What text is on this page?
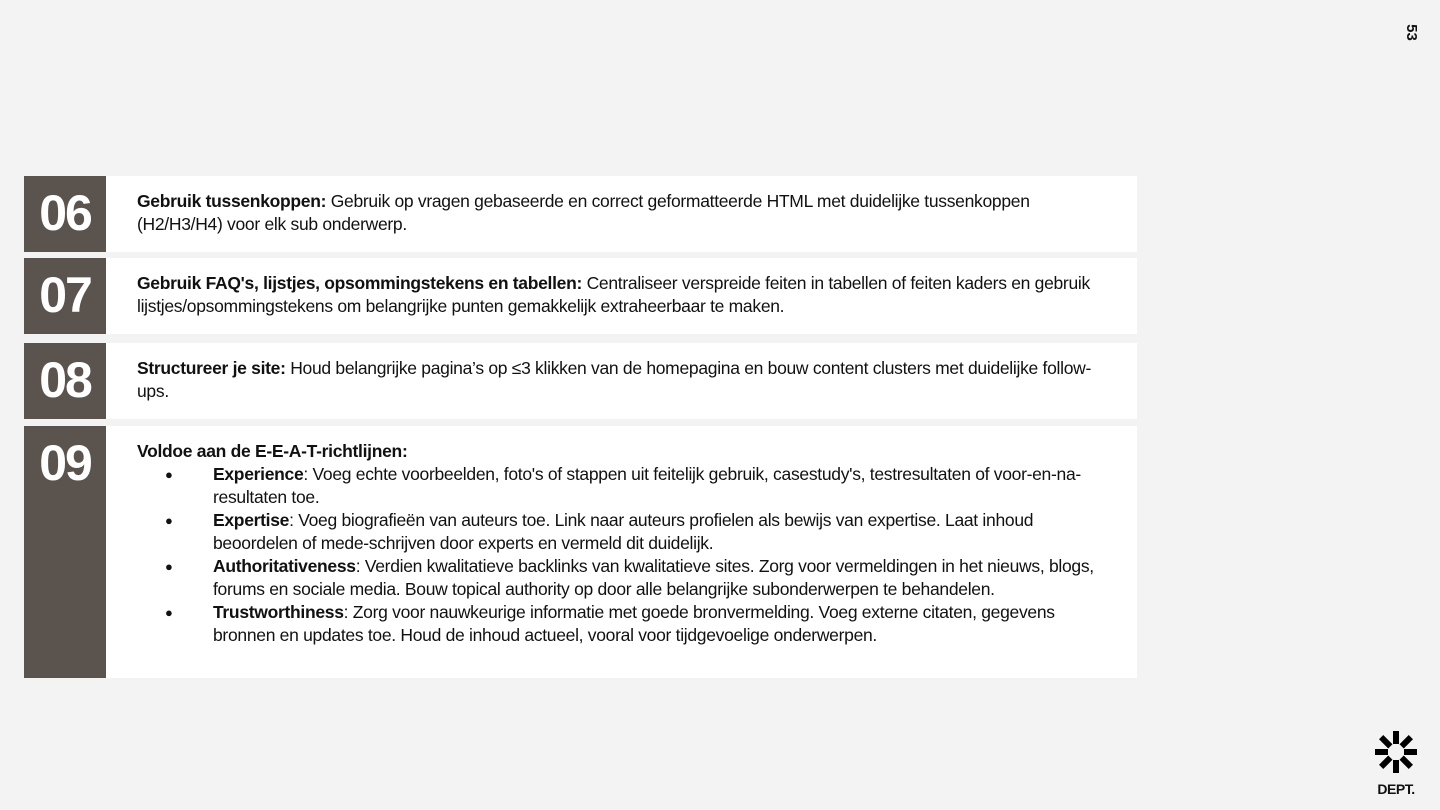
53
06	Gebruik tussenkoppen: Gebruik op vragen gebaseerde en correct geformatteerde HTML met duidelijke tussenkoppen (H2/H3/H4) voor elk sub onderwerp.
07	Gebruik FAQ's, lijstjes, opsommingstekens en tabellen: Centraliseer verspreide feiten in tabellen of feiten kaders en gebruik lijstjes/opsommingstekens om belangrijke punten gemakkelijk extraheerbaar te maken.
08	Structureer je site: Houd belangrijke pagina’s op ≤3 klikken van de homepagina en bouw content clusters met duidelijke follow-ups.
09	Voldoe aan de E-E-A-T-richtlijnen:
● Experience: Voeg echte voorbeelden, foto's of stappen uit feitelijk gebruik, casestudy's, testresultaten of voor-en-na-resultaten toe.
● Expertise: Voeg biografieën van auteurs toe. Link naar auteurs profielen als bewijs van expertise. Laat inhoud beoordelen of mede-schrijven door experts en vermeld dit duidelijk.
● Authoritativeness: Verdien kwalitatieve backlinks van kwalitatieve sites. Zorg voor vermeldingen in het nieuws, blogs, forums en sociale media. Bouw topical authority op door alle belangrijke subonderwerpen te behandelen.
● Trustworthiness: Zorg voor nauwkeurige informatie met goede bronvermelding. Voeg externe citaten, gegevens bronnen en updates toe. Houd de inhoud actueel, vooral voor tijdgevoelige onderwerpen.
DEPT.
